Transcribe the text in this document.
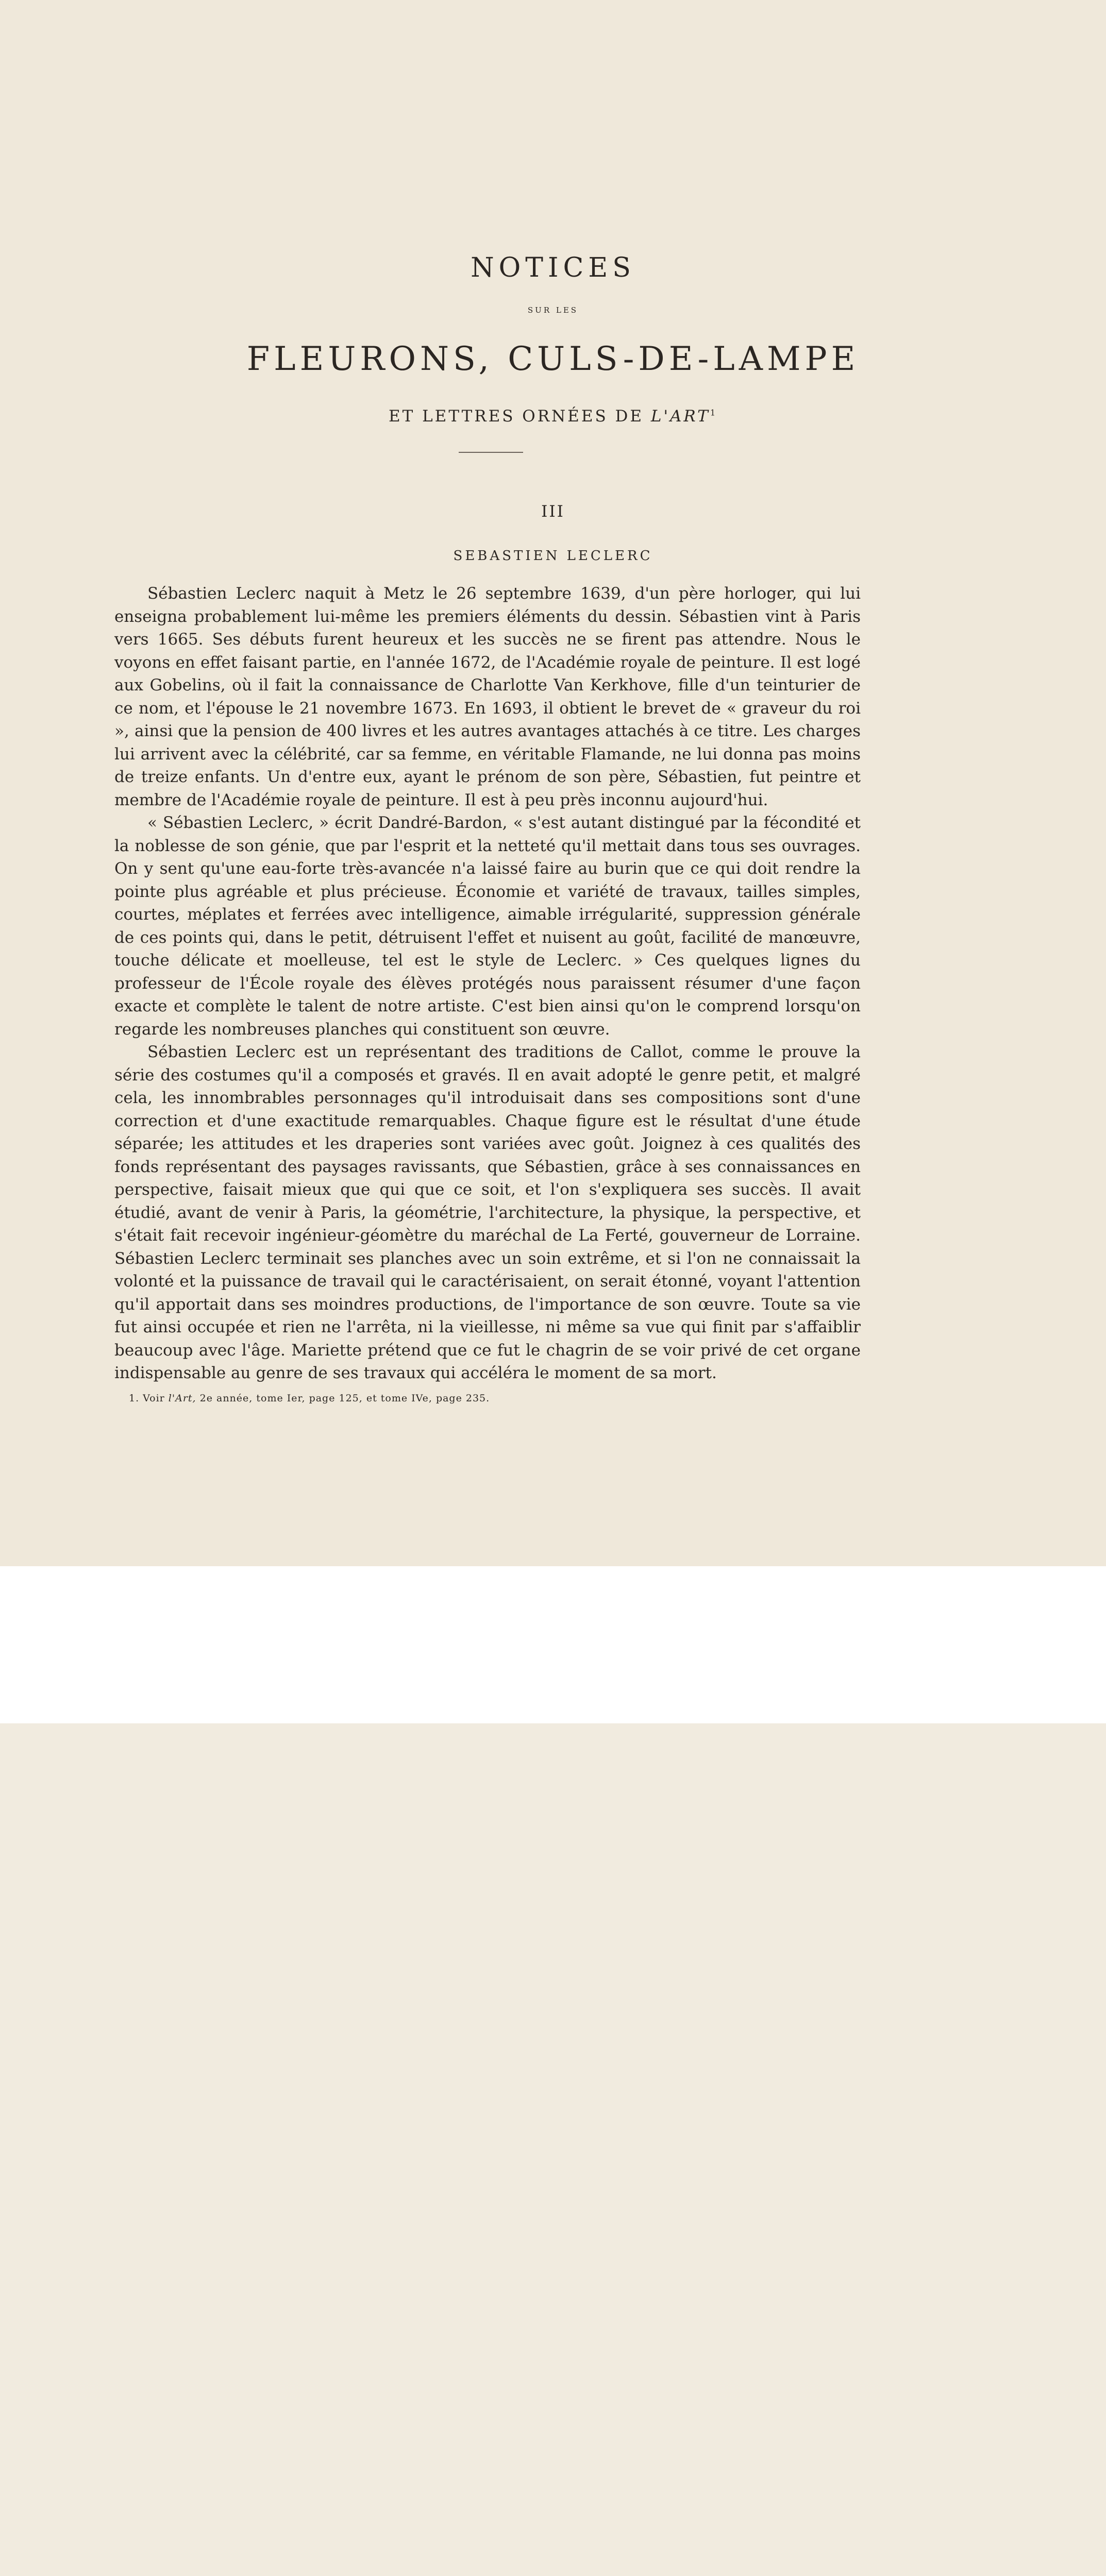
NOTICES
SUR LES
FLEURONS, CULS-DE-LAMPE
ET LETTRES ORNÉES DE L'ART$^1$
III
SEBASTIEN LECLERC

Sébastien Leclerc naquit à Metz le 26 septembre 1639, d'un père horloger, qui lui enseigna probablement lui-même les premiers éléments du dessin. Sébastien vint à Paris vers 1665. Ses débuts furent heureux et les succès ne se firent pas attendre. Nous le voyons en effet faisant partie, en l'année 1672, de l'Académie royale de peinture. Il est logé aux Gobelins, où il fait la connaissance de Charlotte Van Kerkhove, fille d'un teinturier de ce nom, et l'épouse le 21 novembre 1673. En 1693, il obtient le brevet de « graveur du roi », ainsi que la pension de 400 livres et les autres avantages attachés à ce titre. Les charges lui arrivent avec la célébrité, car sa femme, en véritable Flamande, ne lui donna pas moins de treize enfants. Un d'entre eux, ayant le prénom de son père, Sébastien, fut peintre et membre de l'Académie royale de peinture. Il est à peu près inconnu aujourd'hui.

« Sébastien Leclerc, » écrit Dandré-Bardon, « s'est autant distingué par la fécondité et la noblesse de son génie, que par l'esprit et la netteté qu'il mettait dans tous ses ouvrages. On y sent qu'une eau-forte très-avancée n'a laissé faire au burin que ce qui doit rendre la pointe plus agréable et plus précieuse. Économie et variété de travaux, tailles simples, courtes, méplates et ferrées avec intelligence, aimable irrégularité, suppression générale de ces points qui, dans le petit, détruisent l'effet et nuisent au goût, facilité de manœuvre, touche délicate et moelleuse, tel est le style de Leclerc. » Ces quelques lignes du professeur de l'École royale des élèves protégés nous paraissent résumer d'une façon exacte et complète le talent de notre artiste. C'est bien ainsi qu'on le comprend lorsqu'on regarde les nombreuses planches qui constituent son œuvre.

Sébastien Leclerc est un représentant des traditions de Callot, comme le prouve la série des costumes qu'il a composés et gravés. Il en avait adopté le genre petit, et malgré cela, les innombrables personnages qu'il introduisait dans ses compositions sont d'une correction et d'une exactitude remarquables. Chaque figure est le résultat d'une étude séparée; les attitudes et les draperies sont variées avec goût. Joignez à ces qualités des fonds représentant des paysages ravissants, que Sébastien, grâce à ses connaissances en perspective, faisait mieux que qui que ce soit, et l'on s'expliquera ses succès. Il avait étudié, avant de venir à Paris, la géométrie, l'architecture, la physique, la perspective, et s'était fait recevoir ingénieur-géomètre du maréchal de La Ferté, gouverneur de Lorraine. Sébastien Leclerc terminait ses planches avec un soin extrême, et si l'on ne connaissait la volonté et la puissance de travail qui le caractérisaient, on serait étonné, voyant l'attention qu'il apportait dans ses moindres productions, de l'importance de son œuvre. Toute sa vie fut ainsi occupée et rien ne l'arrêta, ni la vieillesse, ni même sa vue qui finit par s'affaiblir beaucoup avec l'âge. Mariette prétend que ce fut le chagrin de se voir privé de cet organe indispensable au genre de ses travaux qui accéléra le moment de sa mort.

1. Voir l'Art, 2e année, tome Ier, page 125, et tome IVe, page 235.
